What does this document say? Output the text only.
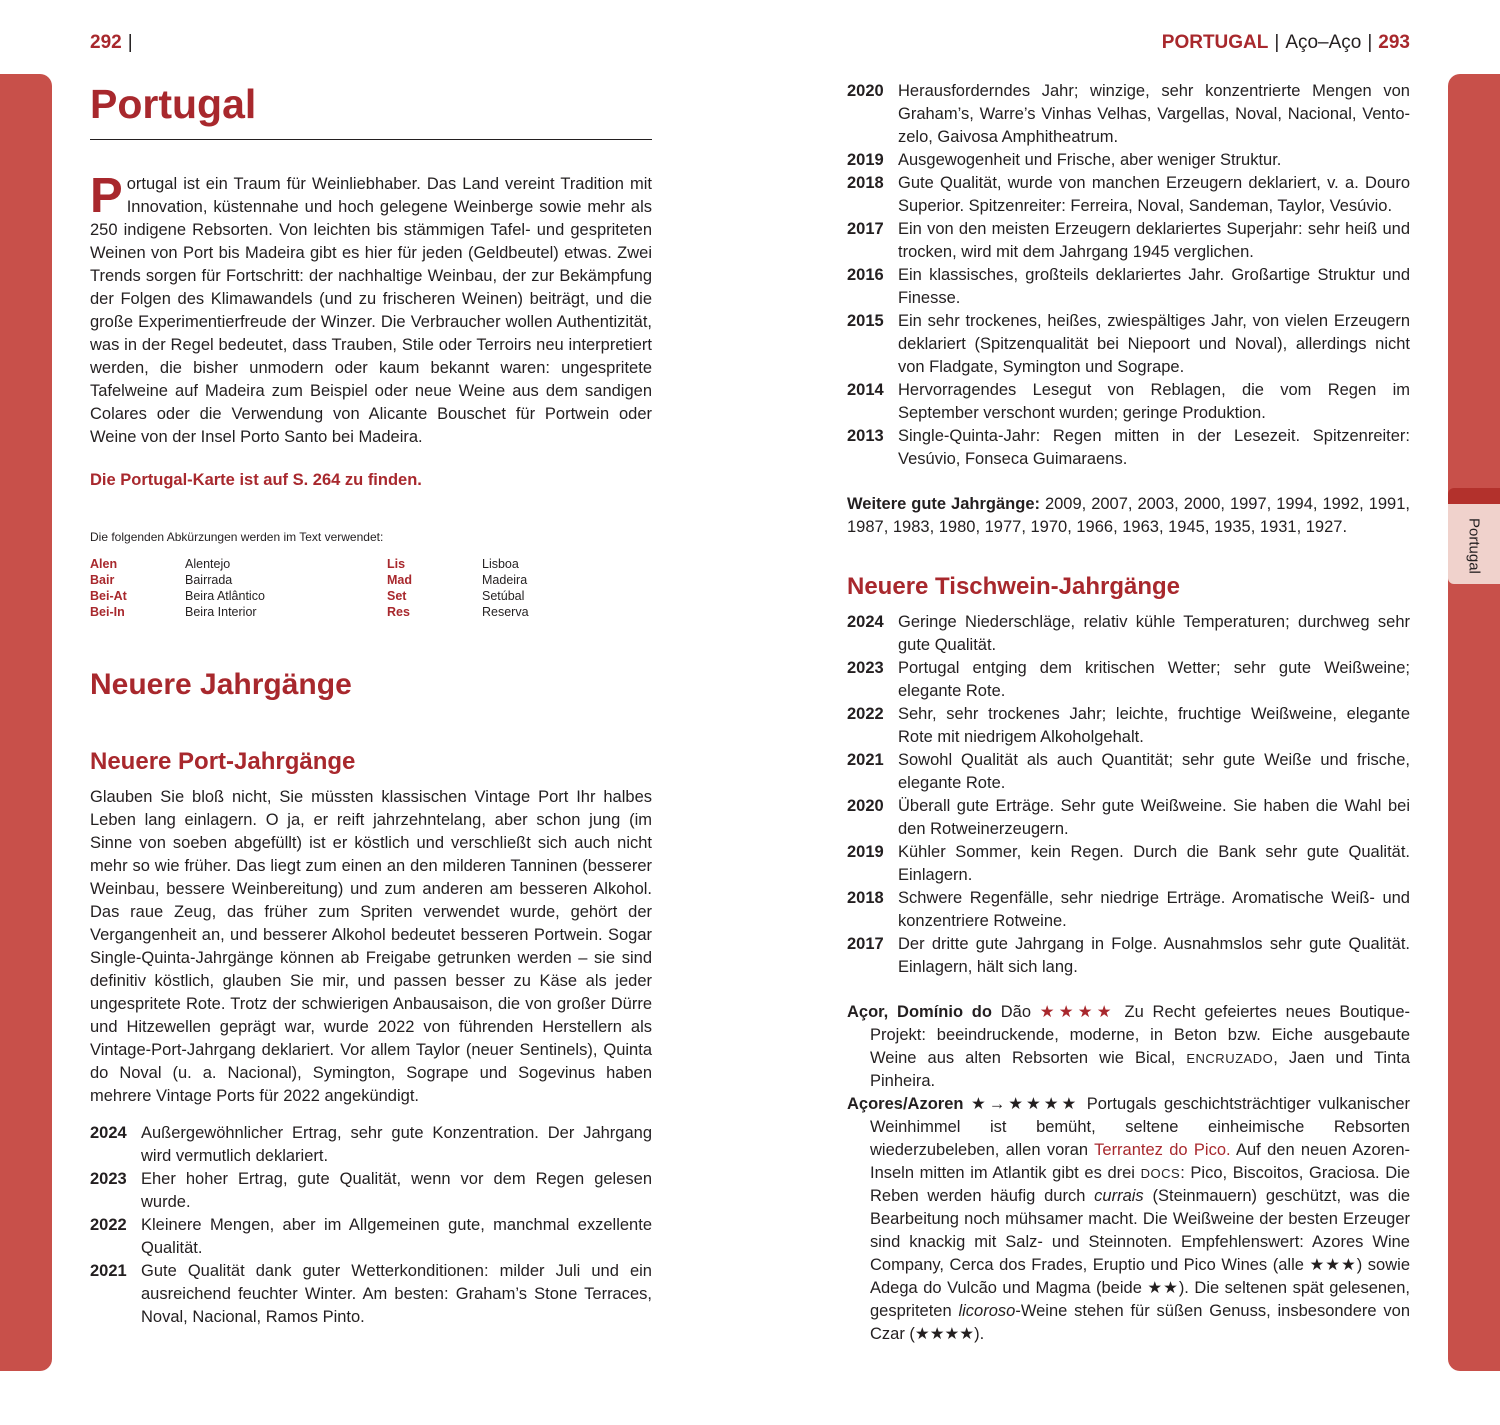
Portugal
292 |	PORTUGAL | Aço–Aço | 293
Portugal

Portugal ist ein Traum für Weinliebhaber. Das Land vereint Tradition mit Innovation, küstennahe und hoch gelegene Weinberge sowie mehr als 250 indigene Rebsorten. Von leichten bis stämmigen Tafel- und gespriteten Weinen von Port bis Madeira gibt es hier für jeden (Geldbeutel) etwas. Zwei Trends sorgen für Fortschritt: der nachhaltige Weinbau, der zur Bekämpfung der Folgen des Klimawandels (und zu frischeren Weinen) beiträgt, und die große Experimentierfreude der Winzer. Die Verbraucher wollen Authentizität, was in der Regel bedeutet, dass Trauben, Stile oder Terroirs neu interpretiert werden, die bisher unmodern oder kaum bekannt waren: ungespritete Tafelweine auf Madeira zum Beispiel oder neue Weine aus dem sandigen Colares oder die Verwendung von Alicante Bouschet für Portwein oder Weine von der Insel Porto Santo bei Madeira.

Die Portugal-Karte ist auf S. 264 zu finden.

Die folgenden Abkürzungen werden im Text verwendet:

Alen	Alentejo	Lis	Lisboa
Bair	Bairrada	Mad	Madeira
Bei-At	Beira Atlântico	Set	Setúbal
Bei-In	Beira Interior	Res	Reserva
Neuere Jahrgänge
Neuere Port-Jahrgänge

Glauben Sie bloß nicht, Sie müssten klassischen Vintage Port Ihr halbes Leben lang einlagern. O ja, er reift jahrzehntelang, aber schon jung (im Sinne von soeben abgefüllt) ist er köstlich und verschließt sich auch nicht mehr so wie früher. Das liegt zum einen an den milderen Tanninen (besserer Weinbau, bessere Weinbereitung) und zum anderen am besseren Alkohol. Das raue Zeug, das früher zum Spriten verwendet wurde, gehört der Vergangenheit an, und besserer Alkohol bedeutet besseren Portwein. Sogar Single-Quinta-Jahrgänge können ab Freigabe getrunken werden – sie sind definitiv köstlich, glauben Sie mir, und passen besser zu Käse als jeder ungespritete Rote. Trotz der schwierigen Anbausaison, die von großer Dürre und Hitzewellen geprägt war, wurde 2022 von führenden Herstellern als Vintage-Port-Jahrgang deklariert. Vor allem Taylor (neuer Sentinels), Quinta do Noval (u. a. Nacional), Symington, Sogrape und Sogevinus haben mehrere Vintage Ports für 2022 angekündigt.

2024 Außergewöhnlicher Ertrag, sehr gute Konzentration. Der Jahrgang wird vermutlich deklariert.
2023 Eher hoher Ertrag, gute Qualität, wenn vor dem Regen gelesen wurde.
2022 Kleinere Mengen, aber im Allgemeinen gute, manchmal exzellente Qualität.
2021 Gute Qualität dank guter Wetterkonditionen: milder Juli und ein ausreichend feuchter Winter. Am besten: Graham’s Stone Terraces, Noval, Nacional, Ramos Pinto.
2020 Herausforderndes Jahr; winzige, sehr konzentrierte Mengen von Graham’s, Warre’s Vinhas Velhas, Vargellas, Noval, Nacional, Ventozelo, Gaivosa Amphitheatrum.
2019 Ausgewogenheit und Frische, aber weniger Struktur.
2018 Gute Qualität, wurde von manchen Erzeugern deklariert, v. a. Douro Superior. Spitzenreiter: Ferreira, Noval, Sandeman, Taylor, Vesúvio.
2017 Ein von den meisten Erzeugern deklariertes Superjahr: sehr heiß und trocken, wird mit dem Jahrgang 1945 verglichen.
2016 Ein klassisches, großteils deklariertes Jahr. Großartige Struktur und Finesse.
2015 Ein sehr trockenes, heißes, zwiespältiges Jahr, von vielen Erzeugern deklariert (Spitzenqualität bei Niepoort und Noval), allerdings nicht von Fladgate, Symington und Sogrape.
2014 Hervorragendes Lesegut von Reblagen, die vom Regen im September verschont wurden; geringe Produktion.
2013 Single-Quinta-Jahr: Regen mitten in der Lesezeit. Spitzenreiter: Vesúvio, Fonseca Guimaraens.

Weitere gute Jahrgänge: 2009, 2007, 2003, 2000, 1997, 1994, 1992, 1991, 1987, 1983, 1980, 1977, 1970, 1966, 1963, 1945, 1935, 1931, 1927.

Neuere Tischwein-Jahrgänge
2024 Geringe Niederschläge, relativ kühle Temperaturen; durchweg sehr gute Qualität.
2023 Portugal entging dem kritischen Wetter; sehr gute Weißweine; elegante Rote.
2022 Sehr, sehr trockenes Jahr; leichte, fruchtige Weißweine, elegante Rote mit niedrigem Alkoholgehalt.
2021 Sowohl Qualität als auch Quantität; sehr gute Weiße und frische, elegante Rote.
2020 Überall gute Erträge. Sehr gute Weißweine. Sie haben die Wahl bei den Rotweinerzeugern.
2019 Kühler Sommer, kein Regen. Durch die Bank sehr gute Qualität. Einlagern.
2018 Schwere Regenfälle, sehr niedrige Erträge. Aromatische Weiß- und konzentriere Rotweine.
2017 Der dritte gute Jahrgang in Folge. Ausnahmslos sehr gute Qualität. Einlagern, hält sich lang.
Açor, Domínio do Dão ★★★★ Zu Recht gefeiertes neues Boutique-Projekt: beeindruckende, moderne, in Beton bzw. Eiche ausgebaute Weine aus alten Rebsorten wie Bical, ENCRUZADO, Jaen und Tinta Pinheira.
Açores/Azoren ★→★★★★ Portugals geschichtsträchtiger vulkanischer Weinhimmel ist bemüht, seltene einheimische Rebsorten wiederzubeleben, allen voran Terrantez do Pico. Auf den neuen Azoren-Inseln mitten im Atlantik gibt es drei DOCS: Pico, Biscoitos, Graciosa. Die Reben werden häufig durch currais (Steinmauern) geschützt, was die Bearbeitung noch mühsamer macht. Die Weißweine der besten Erzeuger sind knackig mit Salz- und Steinnoten. Empfehlenswert: Azores Wine Company, Cerca dos Frades, Eruptio und Pico Wines (alle ★★★) sowie Adega do Vulcão und Magma (beide ★★). Die seltenen spät gelesenen, gespriteten licoroso-Weine stehen für süßen Genuss, insbesondere von Czar (★★★★).
